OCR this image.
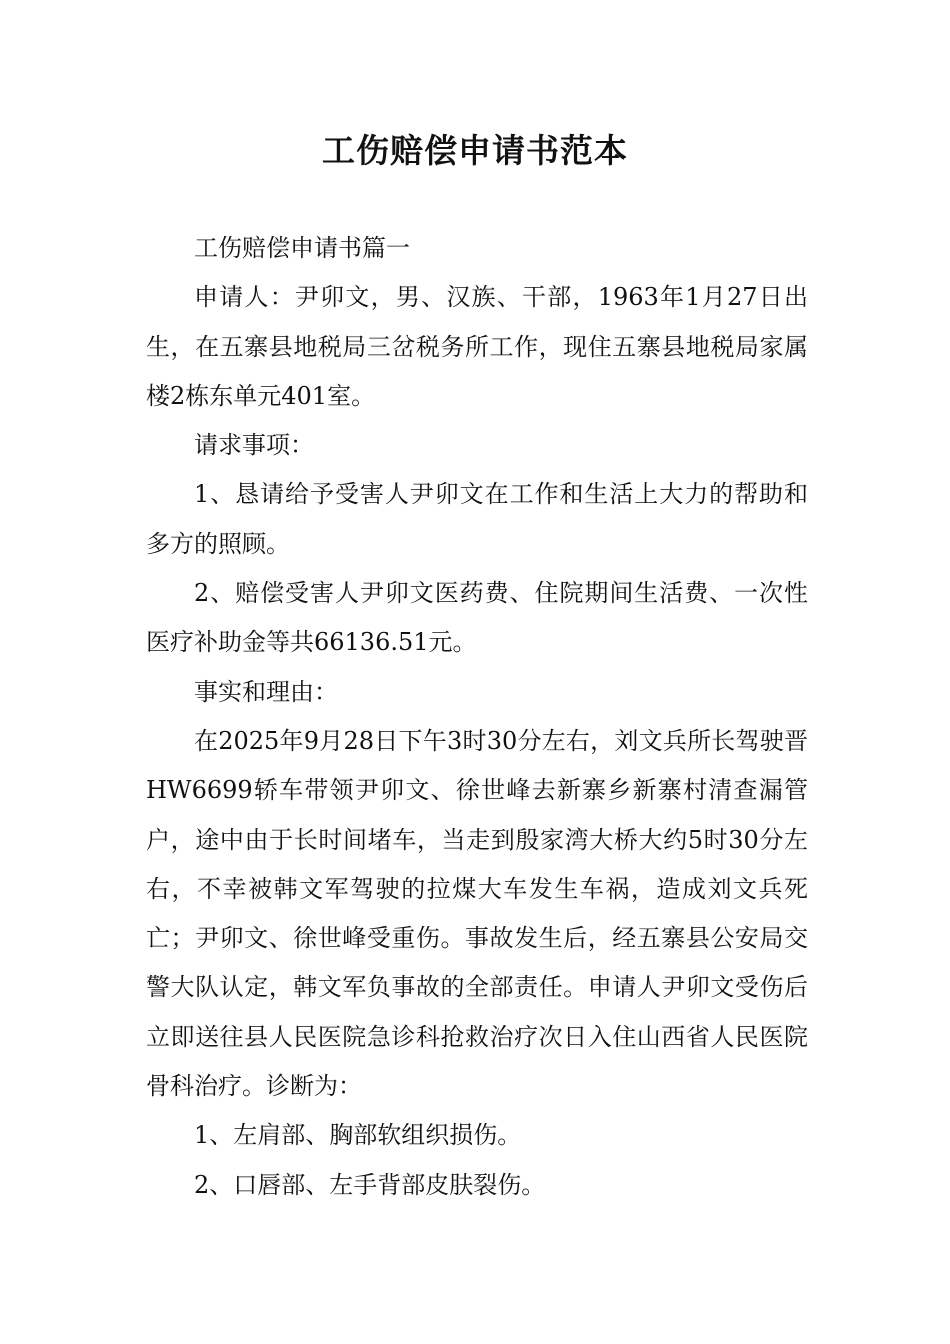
工伤赔偿申请书范本

工伤赔偿申请书篇一

申请人：尹卯文，男、汉族、干部，1963年1月27日出生，在五寨县地税局三岔税务所工作，现住五寨县地税局家属楼2栋东单元401室。

请求事项：

1、恳请给予受害人尹卯文在工作和生活上大力的帮助和多方的照顾。

2、赔偿受害人尹卯文医药费、住院期间生活费、一次性医疗补助金等共66136.51元。

事实和理由：

在2025年9月28日下午3时30分左右，刘文兵所长驾驶晋 HW6699轿车带领尹卯文、徐世峰去新寨乡新寨村清查漏管户，途中由于长时间堵车，当走到殷家湾大桥大约5时30分左右，不幸被韩文军驾驶的拉煤大车发生车祸，造成刘文兵死亡；尹卯文、徐世峰受重伤。事故发生后，经五寨县公安局交警大队认定，韩文军负事故的全部责任。申请人尹卯文受伤后立即送往县人民医院急诊科抢救治疗次日入住山西省人民医院骨科治疗。诊断为：

1、左肩部、胸部软组织损伤。

2、口唇部、左手背部皮肤裂伤。
